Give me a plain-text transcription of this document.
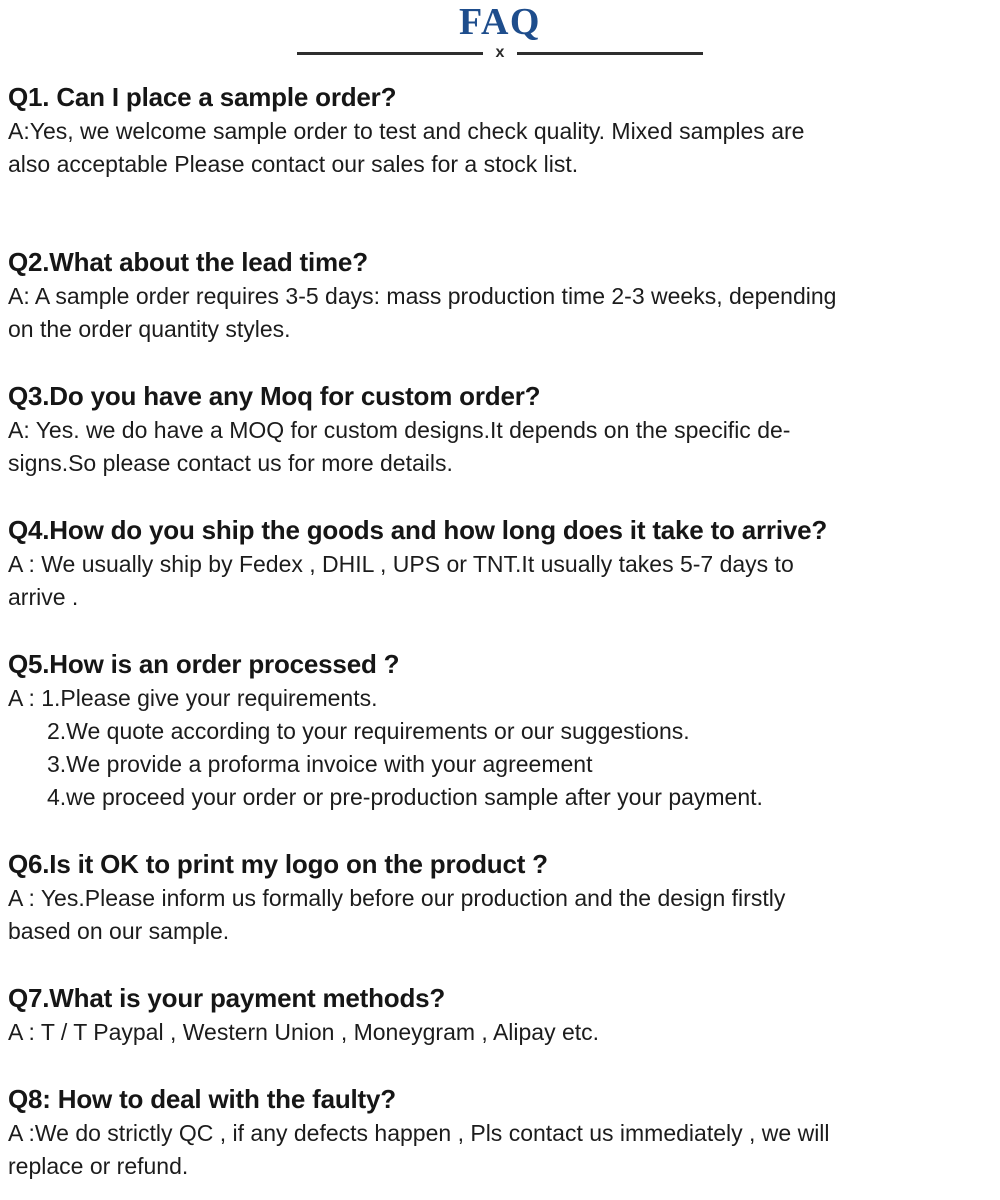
FAQ
x
Q1. Can I place a sample order?
A:Yes, we welcome sample order to test and check quality. Mixed samples are
also acceptable Please contact our sales for a stock list.
Q2.What about the lead time?
A: A sample order requires 3-5 days: mass production time 2-3 weeks, depending
on the order quantity styles.
Q3.Do you have any Moq for custom order?
A: Yes. we do have a MOQ for custom designs.It depends on the specific de-
signs.So please contact us for more details.
Q4.How do you ship the goods and how long does it take to arrive?
A : We usually ship by Fedex , DHIL , UPS or TNT.It usually takes 5-7 days to
arrive .
Q5.How is an order processed ?
A : 1.Please give your requirements.
2.We quote according to your requirements or our suggestions.
3.We provide a proforma invoice with your agreement
4.we proceed your order or pre-production sample after your payment.
Q6.Is it OK to print my logo on the product ?
A : Yes.Please inform us formally before our production and the design firstly
based on our sample.
Q7.What is your payment methods?
A : T / T Paypal , Western Union , Moneygram , Alipay etc.
Q8: How to deal with the faulty?
A :We do strictly QC , if any defects happen , Pls contact us immediately , we will
replace or refund.
